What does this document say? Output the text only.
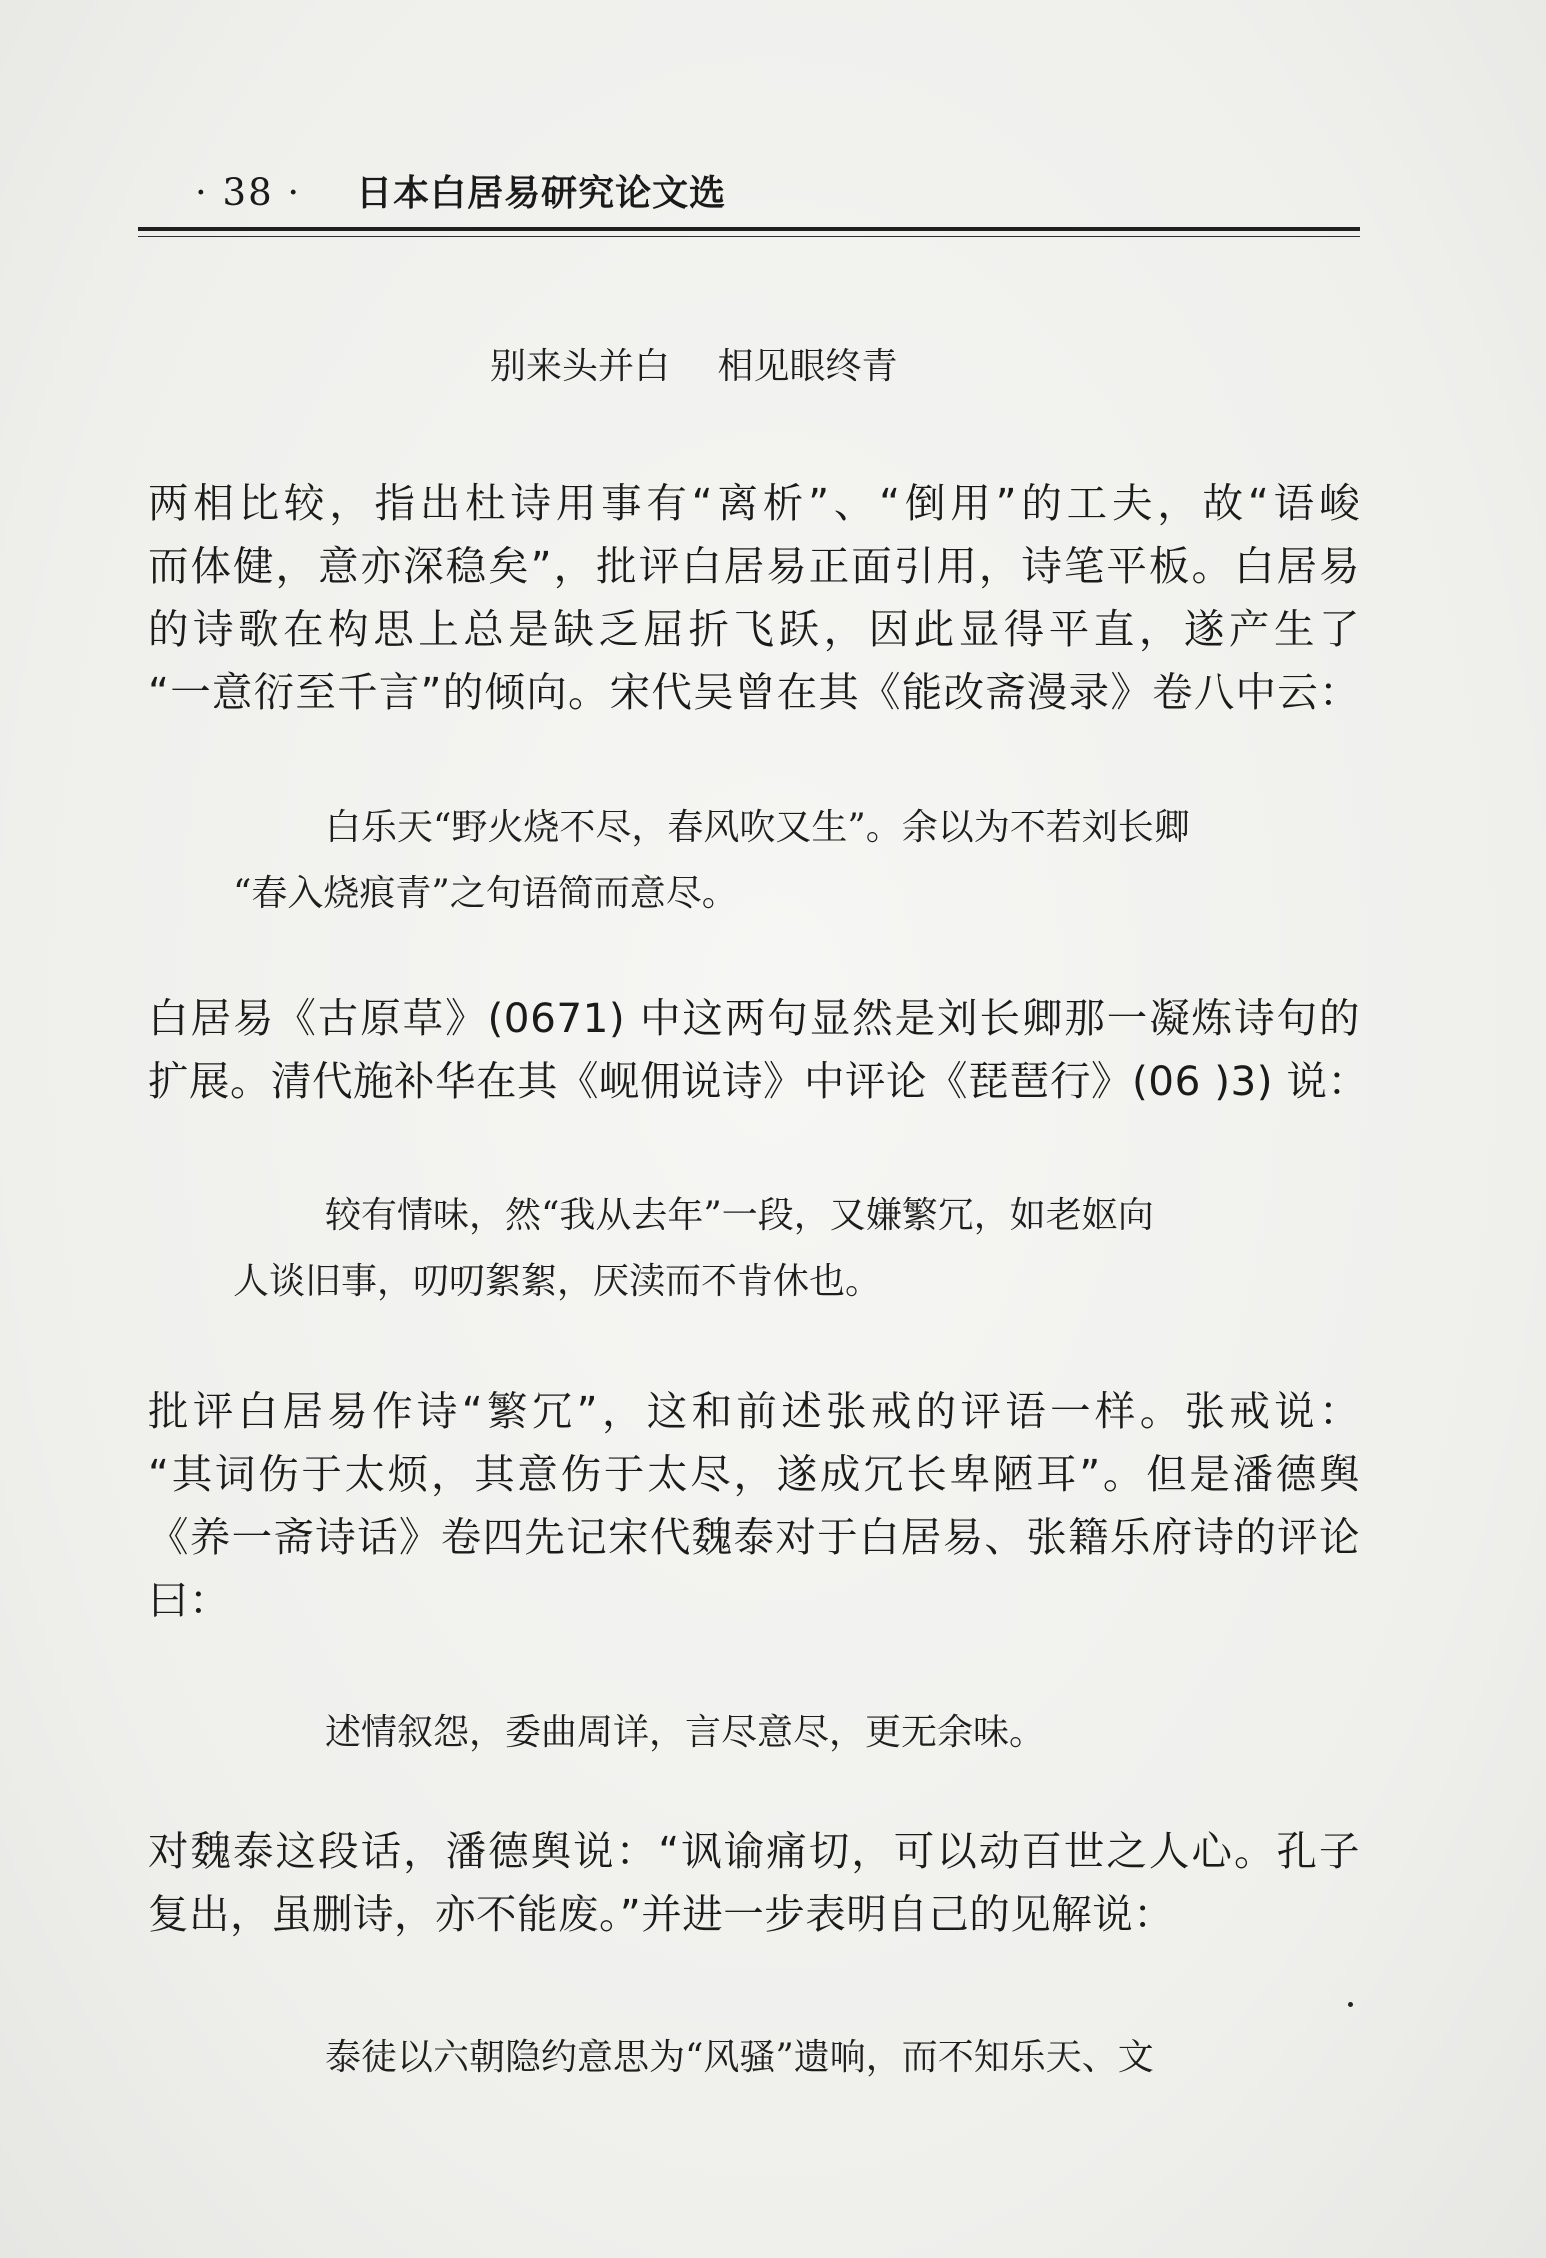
· 38 · 日本白居易研究论文选
别来头并白　 相见眼终青
两相比较，指出杜诗用事有“离析”、“倒用”的工夫，故“语峻
而体健，意亦深稳矣”，批评白居易正面引用，诗笔平板。白居易
的诗歌在构思上总是缺乏屈折飞跃，因此显得平直，遂产生了
“一意衍至千言”的倾向。宋代吴曾在其《能改斋漫录》卷八中云：
白乐天“野火烧不尽，春风吹又生”。余以为不若刘长卿
“春入烧痕青”之句语简而意尽。
白居易《古原草》(0671) 中这两句显然是刘长卿那一凝炼诗句的
扩展。清代施补华在其《岘佣说诗》中评论《琵琶行》(06 )3) 说：
较有情味，然“我从去年”一段，又嫌繁冗，如老妪向
人谈旧事，叨叨絮絮，厌渎而不肯休也。
批评白居易作诗“繁冗”，这和前述张戒的评语一样。张戒说：
“其词伤于太烦，其意伤于太尽，遂成冗长卑陋耳”。但是潘德舆
《养一斋诗话》卷四先记宋代魏泰对于白居易、张籍乐府诗的评论
曰：
述情叙怨，委曲周详，言尽意尽，更无余味。
对魏泰这段话，潘德舆说：“讽谕痛切，可以动百世之人心。孔子
复出，虽删诗，亦不能废。”并进一步表明自己的见解说：
泰徒以六朝隐约意思为“风骚”遗响，而不知乐天、文
